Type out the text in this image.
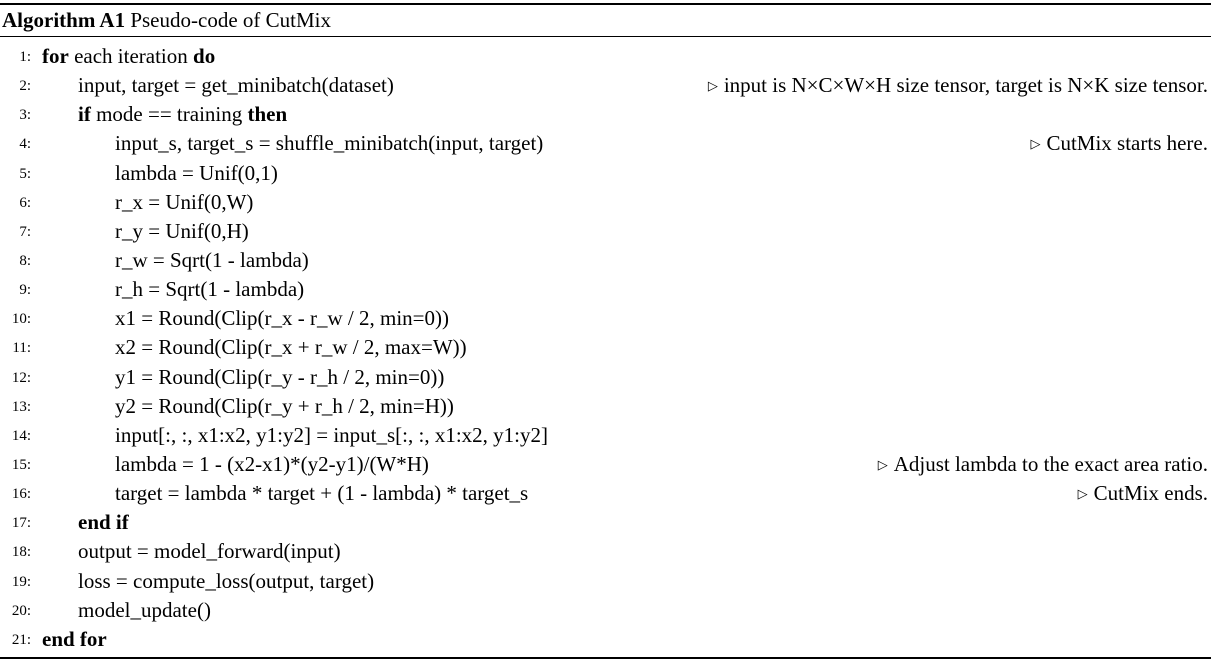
Algorithm A1 Pseudo-code of CutMix
1: for each iteration do
2: input, target = get_minibatch(dataset)	▷ input is N×C×W×H size tensor, target is N×K size tensor.
3: if mode == training then
4:	input_s, target_s = shuffle_minibatch(input, target)	▷ CutMix starts here.
5:	lambda = Unif(0,1)
6:	r_x = Unif(0,W)
7:	r_y = Unif(0,H)
8:	r_w = Sqrt(1 - lambda)
9:	r_h = Sqrt(1 - lambda)
10:	x1 = Round(Clip(r_x - r_w / 2, min=0))
11:	x2 = Round(Clip(r_x + r_w / 2, max=W))
12:	y1 = Round(Clip(r_y - r_h / 2, min=0))
13:	y2 = Round(Clip(r_y + r_h / 2, min=H))
14:	input[:, :, x1:x2, y1:y2] = input_s[:, :, x1:x2, y1:y2]
15:	lambda = 1 - (x2-x1)*(y2-y1)/(W*H)	▷ Adjust lambda to the exact area ratio.
16:	target = lambda * target + (1 - lambda) * target_s	▷ CutMix ends.
17: end if
18: output = model_forward(input)
19: loss = compute_loss(output, target)
20: model_update()
21: end for
